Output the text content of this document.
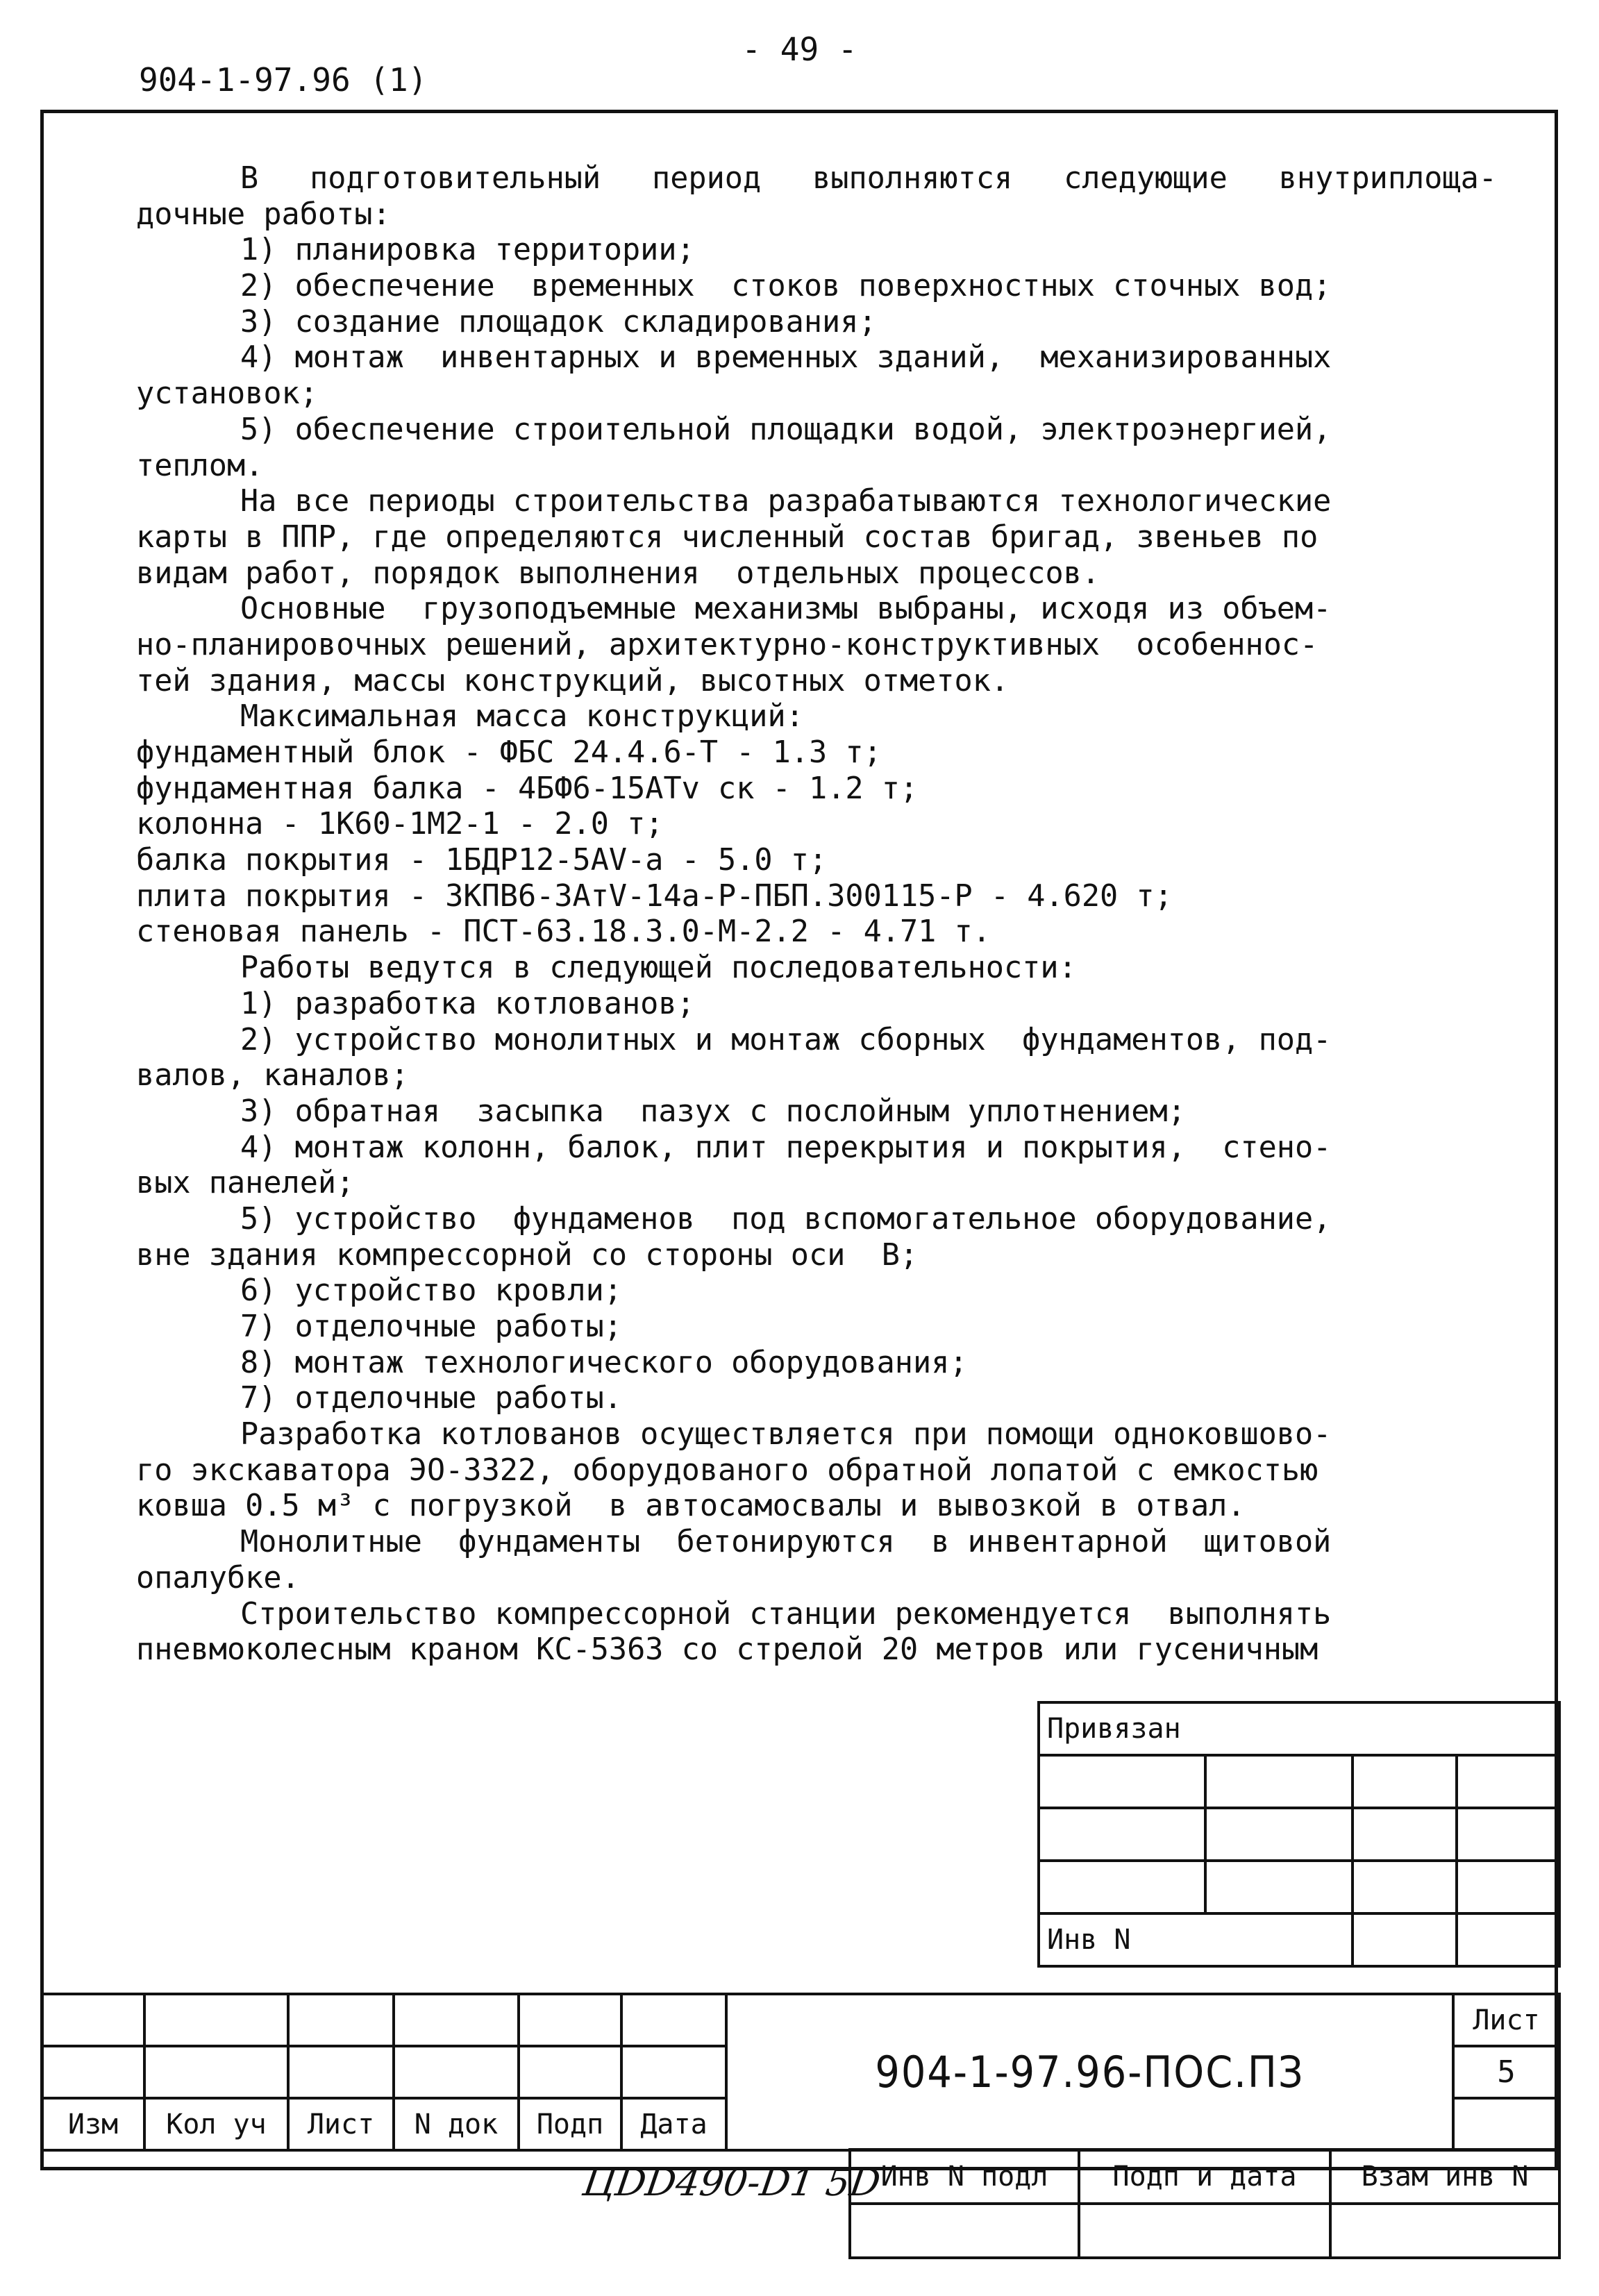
- 49 -
904-1-97.96 (1)
В подготовительный период выполняются следующие внутриплоща-
дочные работы:
1) планировка территории;
2) обеспечение  временных  стоков поверхностных сточных вод;
3) создание площадок складирования;
4) монтаж  инвентарных и временных зданий,  механизированных
установок;
5) обеспечение строительной площадки водой, электроэнергией,
теплом.
На все периоды строительства разрабатываются технологические
карты в ППР, где определяются численный состав бригад, звеньев по
видам работ, порядок выполнения  отдельных процессов.
Основные  грузоподъемные механизмы выбраны, исходя из объем-
но-планировочных решений, архитектурно-конструктивных  особеннос-
тей здания, массы конструкций, высотных отметок.
Максимальная масса конструкций:
фундаментный блок - ФБС 24.4.6-Т - 1.3 т;
фундаментная балка - 4БФ6-15АТv ск - 1.2 т;
колонна - 1К60-1М2-1 - 2.0 т;
балка покрытия - 1БДР12-5AV-а - 5.0 т;
плита покрытия - 3КПВ6-3АтV-14а-Р-ПБП.300115-Р - 4.620 т;
стеновая панель - ПСТ-63.18.3.0-М-2.2 - 4.71 т.
Работы ведутся в следующей последовательности:
1) разработка котлованов;
2) устройство монолитных и монтаж сборных  фундаментов, под-
валов, каналов;
3) обратная  засыпка  пазух с послойным уплотнением;
4) монтаж колонн, балок, плит перекрытия и покрытия,  стено-
вых панелей;
5) устройство  фундаменов  под вспомогательное оборудование,
вне здания компрессорной со стороны оси  В;
6) устройство кровли;
7) отделочные работы;
8) монтаж технологического оборудования;
7) отделочные работы.
Разработка котлованов осуществляется при помощи одноковшово-
го экскаватора ЭО-3322, оборудованого обратной лопатой с емкостью
ковша 0.5 м³ с погрузкой  в автосамосвалы и вывозкой в отвал.
Монолитные  фундаменты  бетонируются  в инвентарной  щитовой
опалубке.
Строительство компрессорной станции рекомендуется  выполнять
пневмоколесным краном КС-5363 со стрелой 20 метров или гусеничным
Привязан			

Инв N			
						904-1-97.96-ПОС.ПЗ	Лист
							5
Изм	Кол уч	Лист	N док	Подп	Дата		
ЦDD490-D1 5D
Инв N подл	Подп и дата	Взам инв N
